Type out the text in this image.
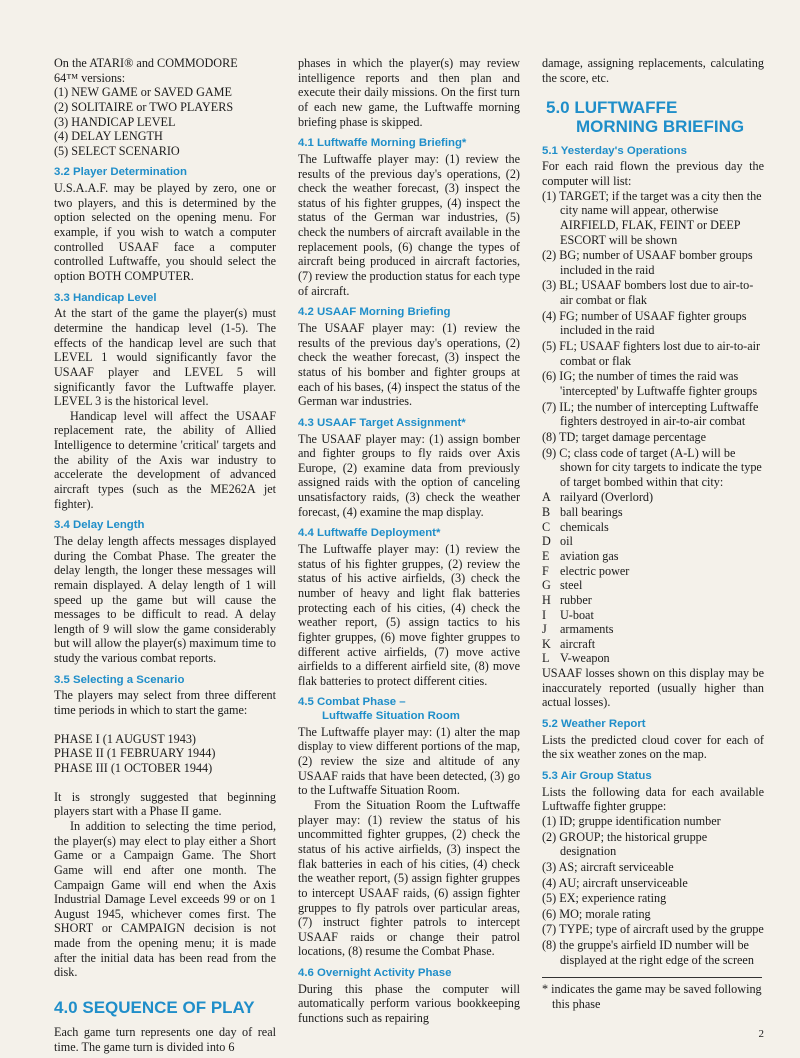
On the ATARI® and COMMODORE

64™ versions:

(1) NEW GAME or SAVED GAME
(2) SOLITAIRE or TWO PLAYERS
(3) HANDICAP LEVEL
(4) DELAY LENGTH
(5) SELECT SCENARIO
3.2 Player Determination

U.S.A.A.F. may be played by zero, one or two players, and this is determined by the option selected on the opening menu. For example, if you wish to watch a computer controlled USAAF face a computer controlled Luftwaffe, you should select the option BOTH COMPUTER.

3.3 Handicap Level

At the start of the game the player(s) must determine the handicap level (1-5). The effects of the handicap level are such that LEVEL 1 would significantly favor the USAAF player and LEVEL 5 will significantly favor the Luftwaffe player. LEVEL 3 is the historical level.

Handicap level will affect the USAAF replacement rate, the ability of Allied Intelligence to determine 'critical' targets and the ability of the Axis war industry to accelerate the development of advanced aircraft types (such as the ME262A jet fighter).

3.4 Delay Length

The delay length affects messages displayed during the Combat Phase. The greater the delay length, the longer these messages will remain displayed. A delay length of 1 will speed up the game but will cause the messages to be difficult to read. A delay length of 9 will slow the game considerably but will allow the player(s) maximum time to study the various combat reports.

3.5 Selecting a Scenario

The players may select from three different time periods in which to start the game:

PHASE I (1 AUGUST 1943)
PHASE II (1 FEBRUARY 1944)
PHASE III (1 OCTOBER 1944)

It is strongly suggested that beginning players start with a Phase II game.

In addition to selecting the time period, the player(s) may elect to play either a Short Game or a Campaign Game. The Short Game will end after one month. The Campaign Game will end when the Axis Industrial Damage Level exceeds 99 or on 1 August 1945, whichever comes first. The SHORT or CAMPAIGN decision is not made from the opening menu; it is made after the initial data has been read from the disk.

4.0 SEQUENCE OF PLAY

Each game turn represents one day of real time. The game turn is divided into 6

phases in which the player(s) may review intelligence reports and then plan and execute their daily missions. On the first turn of each new game, the Luftwaffe morning briefing phase is skipped.

4.1 Luftwaffe Morning Briefing*

The Luftwaffe player may: (1) review the results of the previous day's operations, (2) check the weather forecast, (3) inspect the status of his fighter gruppes, (4) inspect the status of the German war industries, (5) check the numbers of aircraft available in the replacement pools, (6) change the types of aircraft being produced in aircraft factories, (7) review the production status for each type of aircraft.

4.2 USAAF Morning Briefing

The USAAF player may: (1) review the results of the previous day's operations, (2) check the weather forecast, (3) inspect the status of his bomber and fighter groups at each of his bases, (4) inspect the status of the German war industries.

4.3 USAAF Target Assignment*

The USAAF player may: (1) assign bomber and fighter groups to fly raids over Axis Europe, (2) examine data from previously assigned raids with the option of canceling unsatisfactory raids, (3) check the weather forecast, (4) examine the map display.

4.4 Luftwaffe Deployment*

The Luftwaffe player may: (1) review the status of his fighter gruppes, (2) review the status of his active airfields, (3) check the number of heavy and light flak batteries protecting each of his cities, (4) check the weather report, (5) assign tactics to his fighter gruppes, (6) move fighter gruppes to different active airfields, (7) move active airfields to a different airfield site, (8) move flak batteries to protect different cities.

4.5 Combat Phase –
Luftwaffe Situation Room

The Luftwaffe player may: (1) alter the map display to view different portions of the map, (2) review the size and altitude of any USAAF raids that have been detected, (3) go to the Luftwaffe Situation Room.

From the Situation Room the Luftwaffe player may: (1) review the status of his uncommitted fighter gruppes, (2) check the status of his active airfields, (3) inspect the flak batteries in each of his cities, (4) check the weather report, (5) assign fighter gruppes to intercept USAAF raids, (6) assign fighter gruppes to fly patrols over particular areas, (7) instruct fighter patrols to intercept USAAF raids or change their patrol locations, (8) resume the Combat Phase.

4.6 Overnight Activity Phase

During this phase the computer will automatically perform various bookkeeping functions such as repairing

damage, assigning replacements, calculating the score, etc.

5.0 LUFTWAFFE
MORNING BRIEFING
5.1 Yesterday's Operations

For each raid flown the previous day the computer will list:

(1) TARGET; if the target was a city then the city name will appear, otherwise AIRFIELD, FLAK, FEINT or DEEP ESCORT will be shown
(2) BG; number of USAAF bomber groups included in the raid
(3) BL; USAAF bombers lost due to air-to-air combat or flak
(4) FG; number of USAAF fighter groups included in the raid
(5) FL; USAAF fighters lost due to air-to-air combat or flak
(6) IG; the number of times the raid was 'intercepted' by Luftwaffe fighter groups
(7) IL; the number of intercepting Luftwaffe fighters destroyed in air-to-air combat
(8) TD; target damage percentage
(9) C; class code of target (A-L) will be shown for city targets to indicate the type of target bombed within that city:
A railyard (Overlord)
B ball bearings
C chemicals
D oil
E aviation gas
F electric power
G steel
H rubber
I	U-boat
J	armaments
K aircraft
L V-weapon

USAAF losses shown on this display may be inaccurately reported (usually higher than actual losses).

5.2 Weather Report

Lists the predicted cloud cover for each of the six weather zones on the map.

5.3 Air Group Status

Lists the following data for each available Luftwaffe fighter gruppe:

(1) ID; gruppe identification number
(2) GROUP; the historical gruppe designation
(3) AS; aircraft serviceable
(4) AU; aircraft unserviceable
(5) EX; experience rating
(6) MO; morale rating
(7) TYPE; type of aircraft used by the gruppe
(8) the gruppe's airfield ID number will be displayed at the right edge of the screen

* indicates the game may be saved following this phase

2
